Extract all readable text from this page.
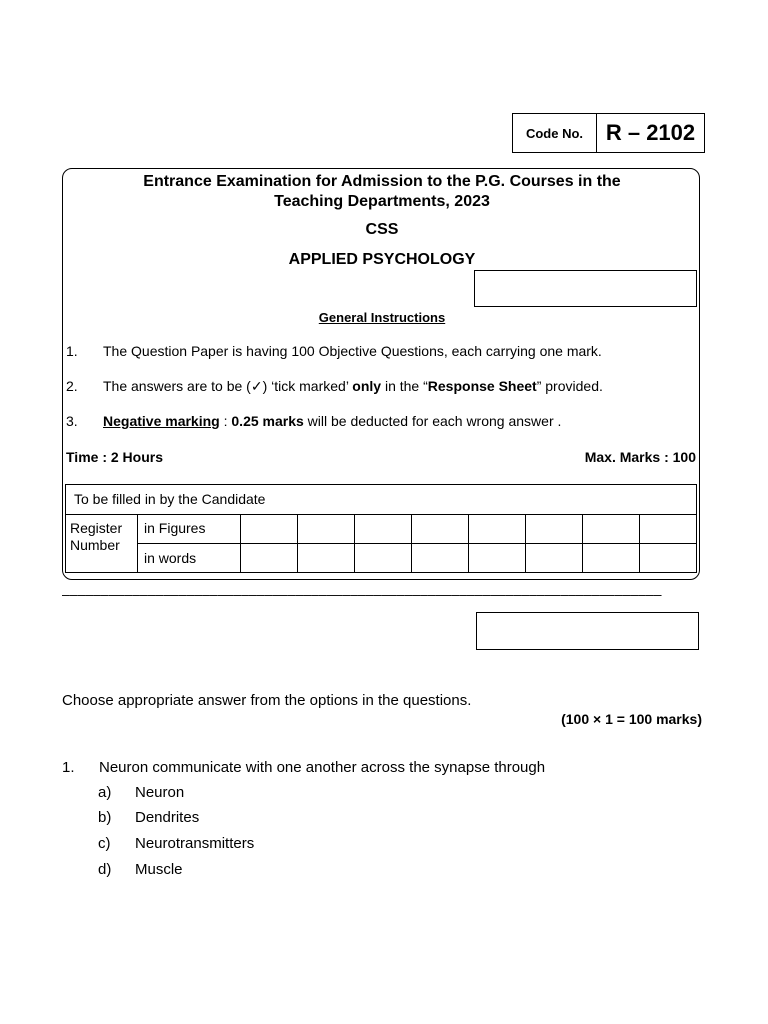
Code No.	R – 2102
Entrance Examination for Admission to the P.G. Courses in the
Teaching Departments, 2023
CSS
APPLIED PSYCHOLOGY
General Instructions
1. The Question Paper is having 100 Objective Questions, each carrying one mark.
2. The answers are to be (✓) ‘tick marked’ only in the “Response Sheet” provided.
3. Negative marking : 0.25 marks will be deducted for each wrong answer .
Time : 2 Hours	Max. Marks : 100
To be filled in by the Candidate
Register
Number
in Figures
in words
–––––––––––––––––––––––––––––––––––––––––––––––––––––––––––––––––––––––––––––
Choose appropriate answer from the options in the questions.
(100 × 1 = 100 marks)
1. Neuron communicate with one another across the synapse through
a) Neuron
b) Dendrites
c) Neurotransmitters
d) Muscle
